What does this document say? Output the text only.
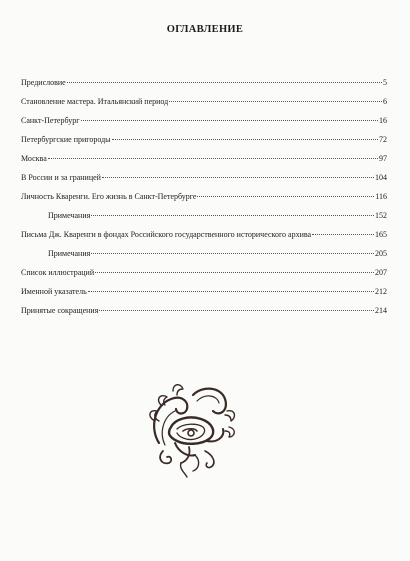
ОГЛАВЛЕНИЕ
Предисловие	5
Становление мастера. Итальянский период	6
Санкт-Петербург	16
Петербургские пригороды	72
Москва	97
В России и за границей	104
Личность Кваренги. Его жизнь в Санкт-Петербурге	116
Примечания	152
Письма Дж. Кваренги в фондах Российского государственного исторического архива	165
Примечания	205
Список иллюстраций	207
Именной указатель	212
Принятые сокращения	214
